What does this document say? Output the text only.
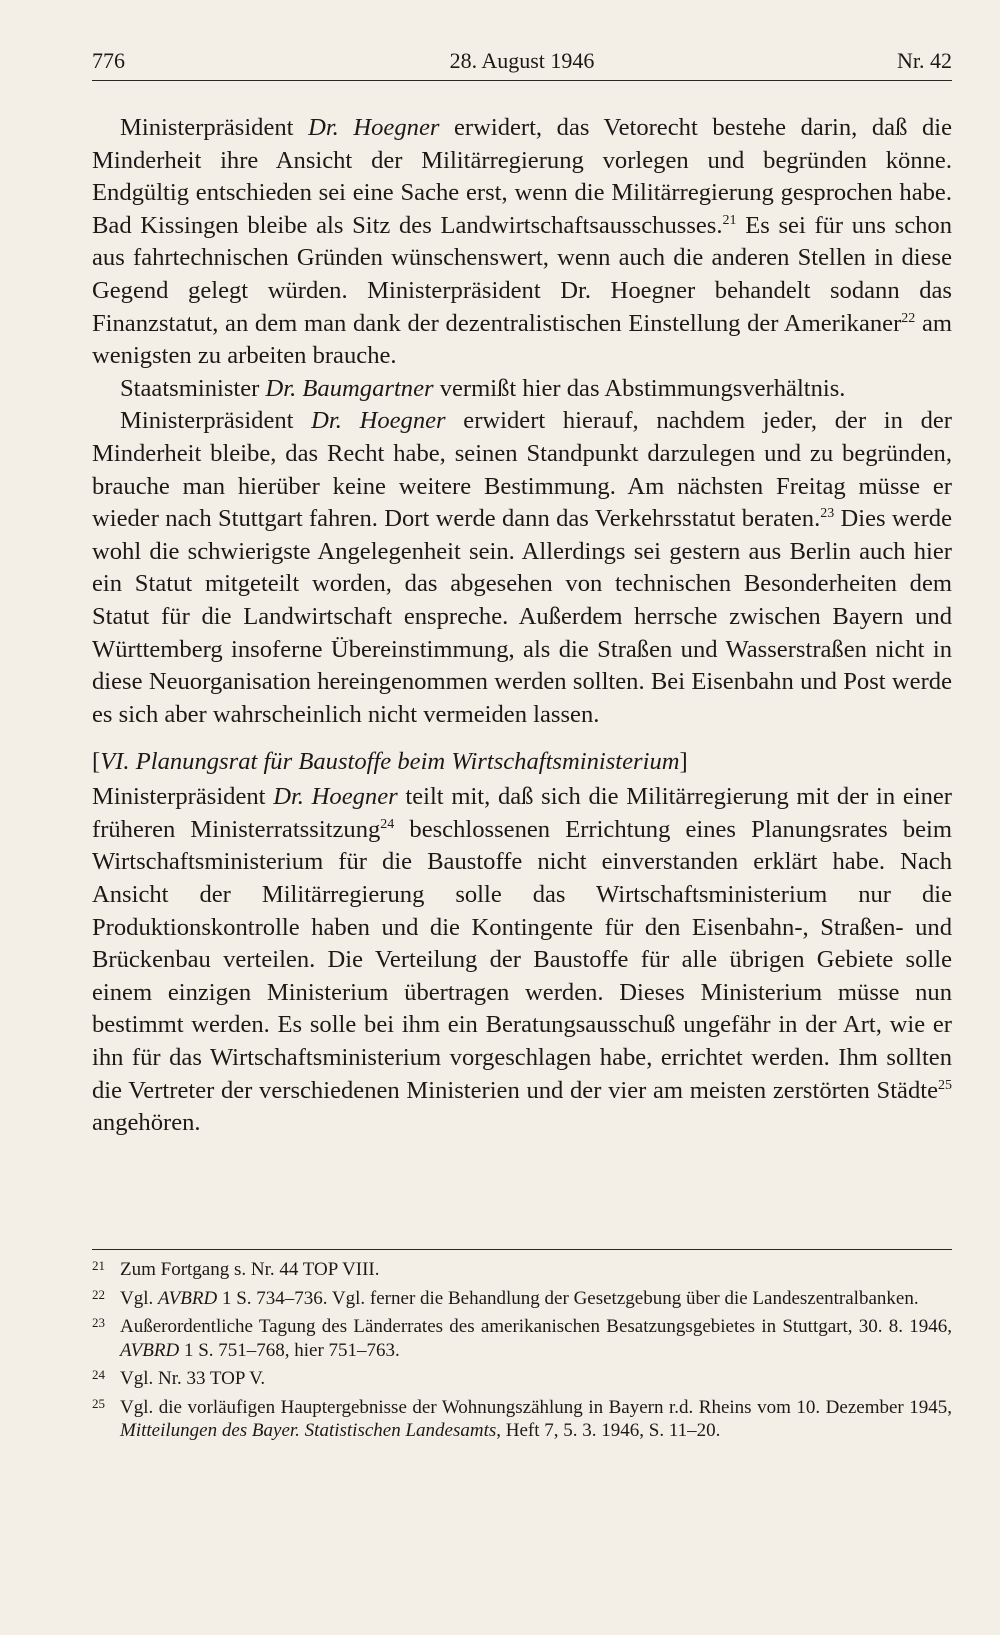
776	28. August 1946	Nr. 42

Ministerpräsident Dr. Hoegner erwidert, das Vetorecht bestehe darin, daß die Minderheit ihre Ansicht der Militärregierung vorlegen und begründen könne. Endgültig entschieden sei eine Sache erst, wenn die Militärregierung gesprochen habe. Bad Kissingen bleibe als Sitz des Landwirtschaftsausschusses.$^{21}$ Es sei für uns schon aus fahrtechnischen Gründen wünschenswert, wenn auch die anderen Stellen in diese Gegend gelegt würden. Ministerpräsident Dr. Hoegner behandelt sodann das Finanzstatut, an dem man dank der dezentralistischen Einstellung der Amerikaner$^{22}$ am wenigsten zu arbeiten brauche.

Staatsminister Dr. Baumgartner vermißt hier das Abstimmungsverhältnis.

Ministerpräsident Dr. Hoegner erwidert hierauf, nachdem jeder, der in der Minderheit bleibe, das Recht habe, seinen Standpunkt darzulegen und zu begründen, brauche man hierüber keine weitere Bestimmung. Am nächsten Freitag müsse er wieder nach Stuttgart fahren. Dort werde dann das Verkehrsstatut beraten.$^{23}$ Dies werde wohl die schwierigste Angelegenheit sein. Allerdings sei gestern aus Berlin auch hier ein Statut mitgeteilt worden, das abgesehen von technischen Besonderheiten dem Statut für die Landwirtschaft enspreche. Außerdem herrsche zwischen Bayern und Württemberg insoferne Übereinstimmung, als die Straßen und Wasserstraßen nicht in diese Neuorganisation hereingenommen werden sollten. Bei Eisenbahn und Post werde es sich aber wahrscheinlich nicht vermeiden lassen.

[VI. Planungsrat für Baustoffe beim Wirtschaftsministerium]

Ministerpräsident Dr. Hoegner teilt mit, daß sich die Militärregierung mit der in einer früheren Ministerratssitzung$^{24}$ beschlossenen Errichtung eines Planungsrates beim Wirtschaftsministerium für die Baustoffe nicht einverstanden erklärt habe. Nach Ansicht der Militärregierung solle das Wirtschaftsministerium nur die Produktionskontrolle haben und die Kontingente für den Eisenbahn-, Straßen- und Brückenbau verteilen. Die Verteilung der Baustoffe für alle übrigen Gebiete solle einem einzigen Ministerium übertragen werden. Dieses Ministerium müsse nun bestimmt werden. Es solle bei ihm ein Beratungsausschuß ungefähr in der Art, wie er ihn für das Wirtschaftsministerium vorgeschlagen habe, errichtet werden. Ihm sollten die Vertreter der verschiedenen Ministerien und der vier am meisten zerstörten Städte$^{25}$ angehören.

21 Zum Fortgang s. Nr. 44 TOP VIII.
22 Vgl. AVBRD 1 S. 734–736. Vgl. ferner die Behandlung der Gesetzgebung über die Landeszentralbanken.
23 Außerordentliche Tagung des Länderrates des amerikanischen Besatzungsgebietes in Stuttgart, 30. 8. 1946, AVBRD 1 S. 751–768, hier 751–763.
24 Vgl. Nr. 33 TOP V.
25 Vgl. die vorläufigen Hauptergebnisse der Wohnungszählung in Bayern r.d. Rheins vom 10. Dezember 1945, Mitteilungen des Bayer. Statistischen Landesamts, Heft 7, 5. 3. 1946, S. 11–20.
